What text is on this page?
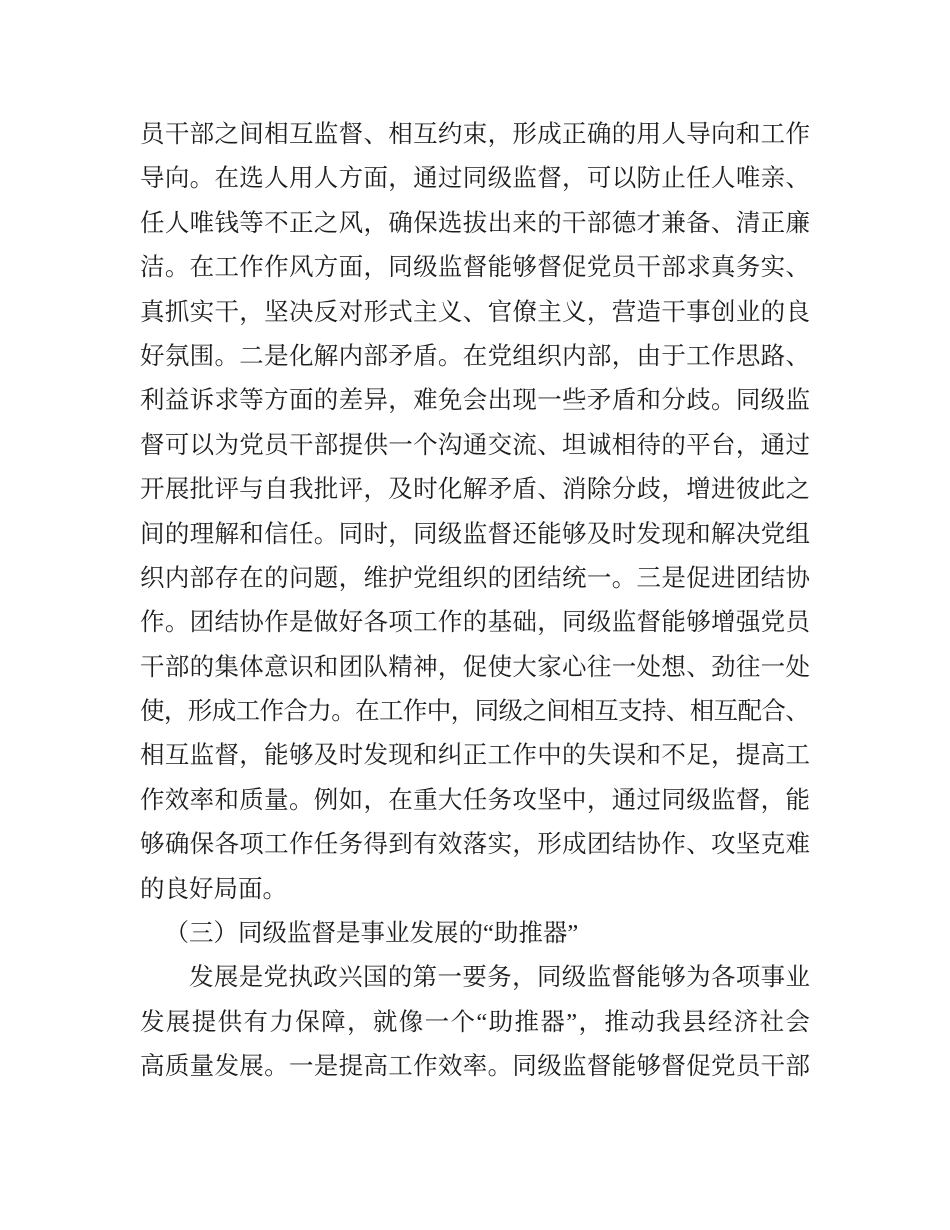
员干部之间相互监督、相互约束，形成正确的用人导向和工作
导向。在选人用人方面，通过同级监督，可以防止任人唯亲、
任人唯钱等不正之风，确保选拔出来的干部德才兼备、清正廉
洁。在工作作风方面，同级监督能够督促党员干部求真务实、
真抓实干，坚决反对形式主义、官僚主义，营造干事创业的良
好氛围。二是化解内部矛盾。在党组织内部，由于工作思路、
利益诉求等方面的差异，难免会出现一些矛盾和分歧。同级监
督可以为党员干部提供一个沟通交流、坦诚相待的平台，通过
开展批评与自我批评，及时化解矛盾、消除分歧，增进彼此之
间的理解和信任。同时，同级监督还能够及时发现和解决党组
织内部存在的问题，维护党组织的团结统一。三是促进团结协
作。团结协作是做好各项工作的基础，同级监督能够增强党员
干部的集体意识和团队精神，促使大家心往一处想、劲往一处
使，形成工作合力。在工作中，同级之间相互支持、相互配合、
相互监督，能够及时发现和纠正工作中的失误和不足，提高工
作效率和质量。例如，在重大任务攻坚中，通过同级监督，能
够确保各项工作任务得到有效落实，形成团结协作、攻坚克难
的良好局面。
（三）同级监督是事业发展的“助推器”
发展是党执政兴国的第一要务，同级监督能够为各项事业
发展提供有力保障，就像一个“助推器”，推动我县经济社会
高质量发展。一是提高工作效率。同级监督能够督促党员干部
